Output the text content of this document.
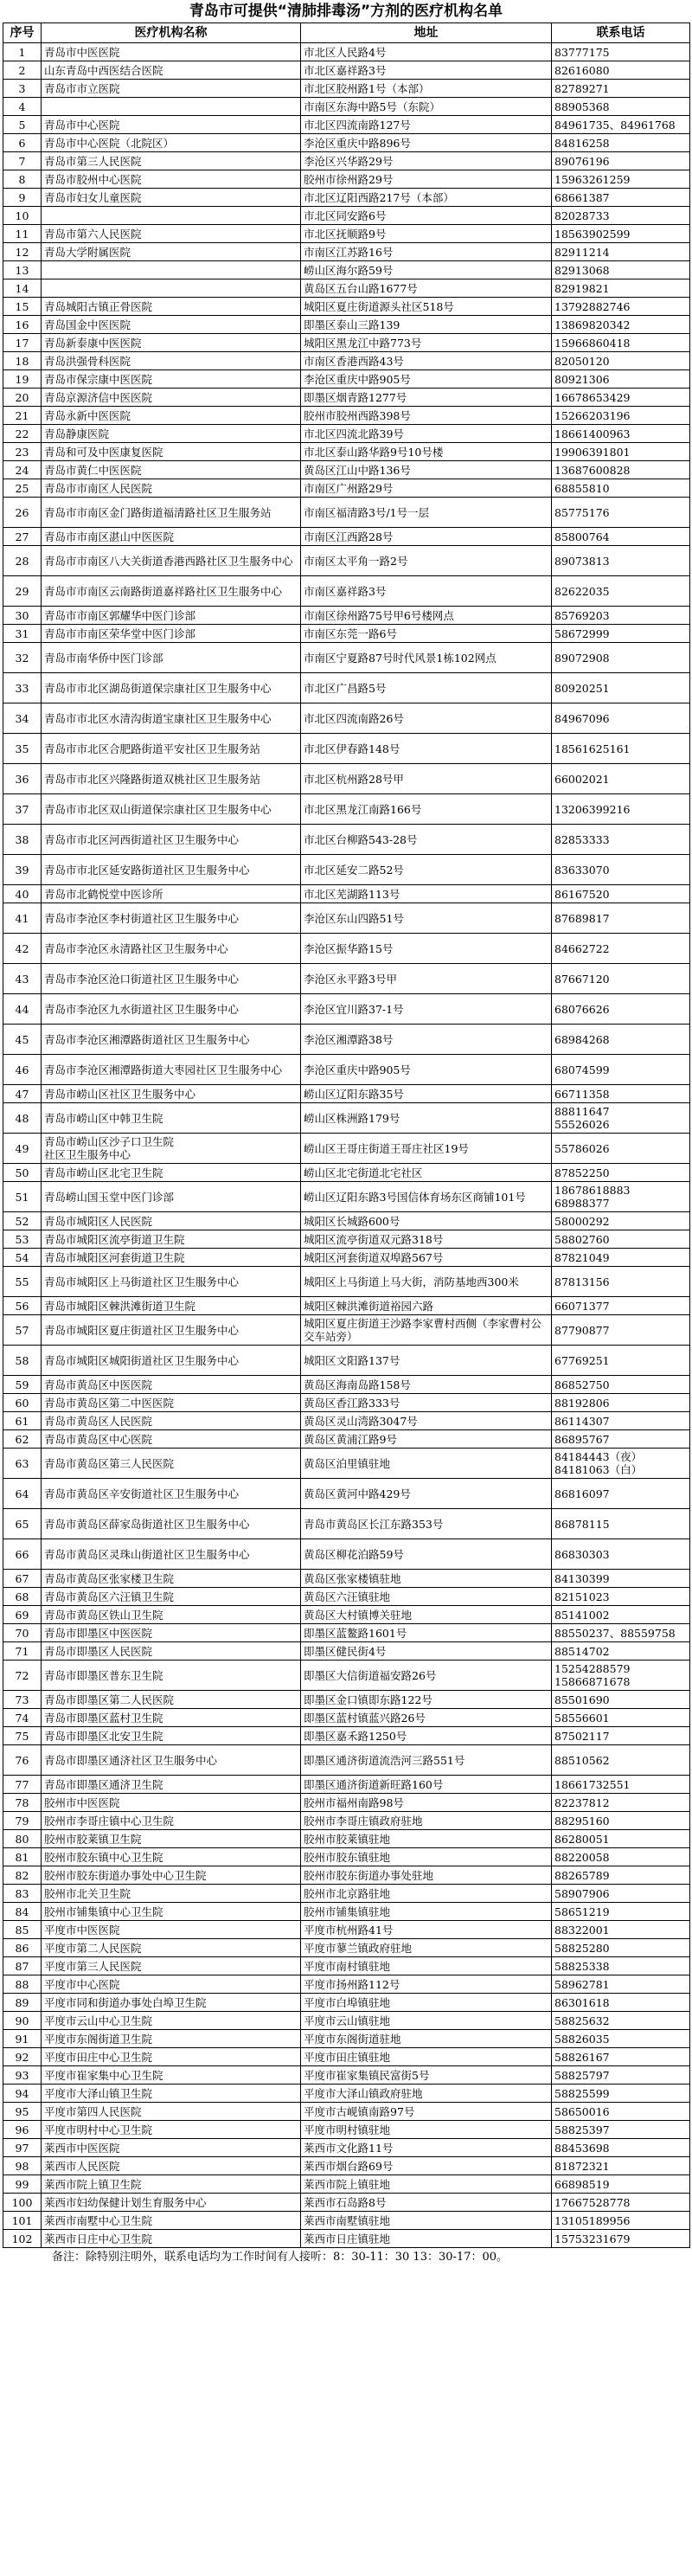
青岛市可提供“清肺排毒汤”方剂的医疗机构名单
序号	医疗机构名称	地址	联系电话
1	青岛市中医医院	市北区人民路4号	83777175
2	山东青岛中西医结合医院	市北区嘉祥路3号	82616080
3	青岛市市立医院	市北区胶州路1号（本部）	82789271
4		市南区东海中路5号（东院）	88905368
5	青岛市中心医院	市北区四流南路127号	84961735、84961768
6	青岛市中心医院（北院区）	李沧区重庆中路896号	84816258
7	青岛市第三人民医院	李沧区兴华路29号	89076196
8	青岛市胶州中心医院	胶州市徐州路29号	15963261259
9	青岛市妇女儿童医院	市北区辽阳西路217号（本部）	68661387
10		市北区同安路6号	82028733
11	青岛市第六人民医院	市北区抚顺路9号	18563902599
12	青岛大学附属医院	市南区江苏路16号	82911214
13		崂山区海尔路59号	82913068
14		黄岛区五台山路1677号	82919821
15	青岛城阳古镇正骨医院	城阳区夏庄街道源头社区518号	13792882746
16	青岛国金中医医院	即墨区泰山三路139	13869820342
17	青岛新泰康中医医院	城阳区黑龙江中路773号	15966860418
18	青岛洪强骨科医院	市南区香港西路43号	82050120
19	青岛市保宗康中医医院	李沧区重庆中路905号	80921306
20	青岛京源济信中医医院	即墨区烟青路1277号	16678653429
21	青岛永新中医医院	胶州市胶州西路398号	15266203196
22	青岛静康医院	市北区四流北路39号	18661400963
23	青岛和可及中医康复医院	市北区泰山路华路9号10号楼	19906391801
24	青岛市黄仁中医医院	黄岛区江山中路136号	13687600828
25	青岛市市南区人民医院	市南区广州路29号	68855810
26	青岛市市南区金门路街道福清路社区卫生服务站	市南区福清路3号/1号一层	85775176
27	青岛市市南区湛山中医医院	市南区江西路28号	85800764
28	青岛市市南区八大关街道香港西路社区卫生服务中心	市南区太平角一路2号	89073813
29	青岛市市南区云南路街道嘉祥路社区卫生服务中心	市南区嘉祥路3号	82622035
30	青岛市市南区郭耀华中医门诊部	市南区徐州路75号甲6号楼网点	85769203
31	青岛市市南区荣华堂中医门诊部	市南区东莞一路6号	58672999
32	青岛市南华侨中医门诊部	市南区宁夏路87号时代风景1栋102网点	89072908
33	青岛市市北区湖岛街道保宗康社区卫生服务中心	市北区广昌路5号	80920251
34	青岛市市北区水清沟街道宝康社区卫生服务中心	市北区四流南路26号	84967096
35	青岛市市北区合肥路街道平安社区卫生服务站	市北区伊春路148号	18561625161
36	青岛市市北区兴隆路街道双桃社区卫生服务站	市北区杭州路28号甲	66002021
37	青岛市市北区双山街道保宗康社区卫生服务中心	市北区黑龙江南路166号	13206399216
38	青岛市市北区河西街道社区卫生服务中心	市北区台柳路543-28号	82853333
39	青岛市市北区延安路街道社区卫生服务中心	市北区延安二路52号	83633070
40	青岛市北鹤悦堂中医诊所	市北区芜湖路113号	86167520
41	青岛市李沧区李村街道社区卫生服务中心	李沧区东山四路51号	87689817
42	青岛市李沧区永清路社区卫生服务中心	李沧区振华路15号	84662722
43	青岛市李沧区沧口街道社区卫生服务中心	李沧区永平路3号甲	87667120
44	青岛市李沧区九水街道社区卫生服务中心	李沧区宜川路37-1号	68076626
45	青岛市李沧区湘潭路街道社区卫生服务中心	李沧区湘潭路38号	68984268
46	青岛市李沧区湘潭路街道大枣园社区卫生服务中心	李沧区重庆中路905号	68074599
47	青岛市崂山区社区卫生服务中心	崂山区辽阳东路35号	66711358
48	青岛市崂山区中韩卫生院	崂山区株洲路179号	88811647
55526026
49	青岛市崂山区沙子口卫生院
社区卫生服务中心	崂山区王哥庄街道王哥庄社区19号	55786026
50	青岛市崂山区北宅卫生院	崂山区北宅街道北宅社区	87852250
51	青岛崂山国玉堂中医门诊部	崂山区辽阳东路3号国信体育场东区商铺101号	18678618883
68988377
52	青岛市城阳区人民医院	城阳区长城路600号	58000292
53	青岛市城阳区流亭街道卫生院	城阳区流亭街道双元路318号	58802760
54	青岛市城阳区河套街道卫生院	城阳区河套街道双埠路567号	87821049
55	青岛市城阳区上马街道社区卫生服务中心	城阳区上马街道上马大街，消防基地西300米	87813156
56	青岛市城阳区棘洪滩街道卫生院	城阳区棘洪滩街道裕园六路	66071377
57	青岛市城阳区夏庄街道社区卫生服务中心	城阳区夏庄街道王沙路李家曹村西侧（李家曹村公交车站旁）	87790877
58	青岛市城阳区城阳街道社区卫生服务中心	城阳区文阳路137号	67769251
59	青岛市黄岛区中医医院	黄岛区海南岛路158号	86852750
60	青岛市黄岛区第二中医医院	黄岛区香江路333号	88192806
61	青岛市黄岛区人民医院	黄岛区灵山湾路3047号	86114307
62	青岛市黄岛区中心医院	黄岛区黄浦江路9号	86895767
63	青岛市黄岛区第三人民医院	黄岛区泊里镇驻地	84184443（夜）
84181063（白）
64	青岛市黄岛区辛安街道社区卫生服务中心	黄岛区黄河中路429号	86816097
65	青岛市黄岛区薛家岛街道社区卫生服务中心	青岛市黄岛区长江东路353号	86878115
66	青岛市黄岛区灵珠山街道社区卫生服务中心	黄岛区柳花泊路59号	86830303
67	青岛市黄岛区张家楼卫生院	黄岛区张家楼镇驻地	84130399
68	青岛市黄岛区六汪镇卫生院	黄岛区六汪镇驻地	82151023
69	青岛市黄岛区铁山卫生院	黄岛区大村镇博关驻地	85141002
70	青岛市即墨区中医医院	即墨区蓝鳌路1601号	88550237、88559758
71	青岛市即墨区人民医院	即墨区健民街4号	88514702
72	青岛市即墨区普东卫生院	即墨区大信街道福安路26号	15254288579
15866871678
73	青岛市即墨区第二人民医院	即墨区金口镇即东路122号	85501690
74	青岛市即墨区蓝村卫生院	即墨区蓝村镇蓝兴路26号	58556601
75	青岛市即墨区北安卫生院	即墨区嘉禾路1250号	87502117
76	青岛市即墨区通济社区卫生服务中心	即墨区通济街道流浩河三路551号	88510562
77	青岛市即墨区通济卫生院	即墨区通济街道新旺路160号	18661732551
78	胶州市中医医院	胶州市福州南路98号	82237812
79	胶州市李哥庄镇中心卫生院	胶州市李哥庄镇政府驻地	88295160
80	胶州市胶莱镇卫生院	胶州市胶莱镇驻地	86280051
81	胶州市胶东镇中心卫生院	胶州市胶东镇驻地	88220058
82	胶州市胶东街道办事处中心卫生院	胶州市胶东街道办事处驻地	88265789
83	胶州市北关卫生院	胶州市北京路驻地	58907906
84	胶州市铺集镇中心卫生院	胶州市铺集镇驻地	58651219
85	平度市中医医院	平度市杭州路41号	88322001
86	平度市第二人民医院	平度市蓼兰镇政府驻地	58825280
87	平度市第三人民医院	平度市南村镇驻地	58825338
88	平度市中心医院	平度市扬州路112号	58962781
89	平度市同和街道办事处白埠卫生院	平度市白埠镇驻地	86301618
90	平度市云山中心卫生院	平度市云山镇驻地	58825632
91	平度市东阁街道卫生院	平度市东阁街道驻地	58826035
92	平度市田庄中心卫生院	平度市田庄镇驻地	58826167
93	平度市崔家集中心卫生院	平度市崔家集镇民富街5号	58825797
94	平度市大泽山镇卫生院	平度市大泽山镇政府驻地	58825599
95	平度市第四人民医院	平度市古岘镇南路97号	58650016
96	平度市明村中心卫生院	平度市明村镇驻地	58825397
97	莱西市中医医院	莱西市文化路11号	88453698
98	莱西市人民医院	莱西市烟台路69号	81872321
99	莱西市院上镇卫生院	莱西市院上镇驻地	66898519
100	莱西市妇幼保健计划生育服务中心	莱西市石岛路8号	17667528778
101	莱西市南墅中心卫生院	莱西市南墅镇驻地	13105189956
102	莱西市日庄中心卫生院	莱西市日庄镇驻地	15753231679
备注：除特别注明外，联系电话均为工作时间有人接听：8：30-11：30 13：30-17：00。
